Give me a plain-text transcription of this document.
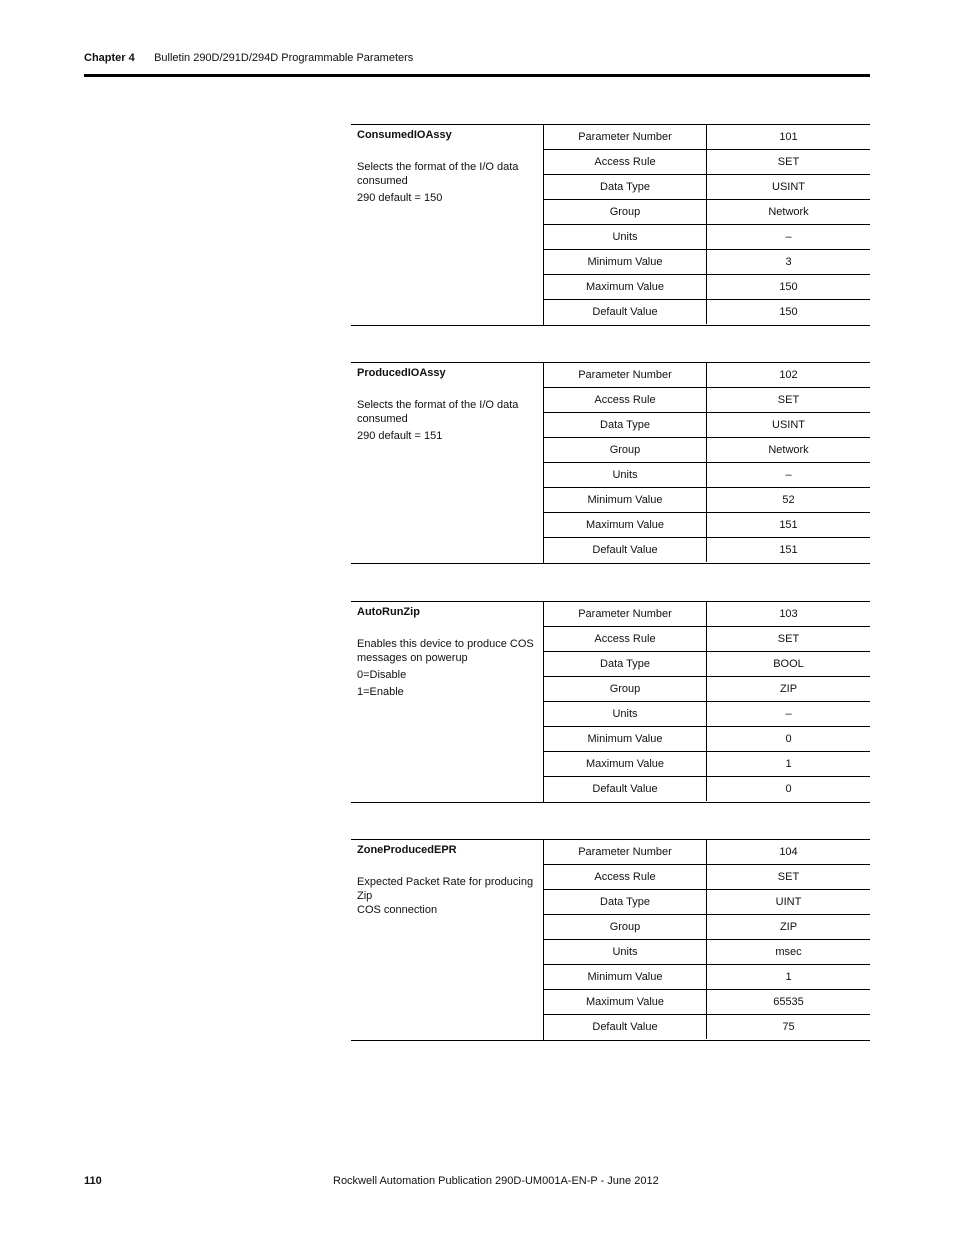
Chapter 4 Bulletin 290D/291D/294D Programmable Parameters
ConsumedIOAssy
Selects the format of the I/O data
consumed
290 default = 150
Parameter Number	101
Access Rule	SET
Data Type	USINT
Group	Network
Units	–
Minimum Value	3
Maximum Value	150
Default Value	150
ProducedIOAssy
Selects the format of the I/O data
consumed
290 default = 151
Parameter Number	102
Access Rule	SET
Data Type	USINT
Group	Network
Units	–
Minimum Value	52
Maximum Value	151
Default Value	151
AutoRunZip
Enables this device to produce COS
messages on powerup
0=Disable
1=Enable
Parameter Number	103
Access Rule	SET
Data Type	BOOL
Group	ZIP
Units	–
Minimum Value	0
Maximum Value	1
Default Value	0
ZoneProducedEPR
Expected Packet Rate for producing Zip
COS connection
Parameter Number	104
Access Rule	SET
Data Type	UINT
Group	ZIP
Units	msec
Minimum Value	1
Maximum Value	65535
Default Value	75
110	Rockwell Automation Publication 290D-UM001A-EN-P - June 2012
